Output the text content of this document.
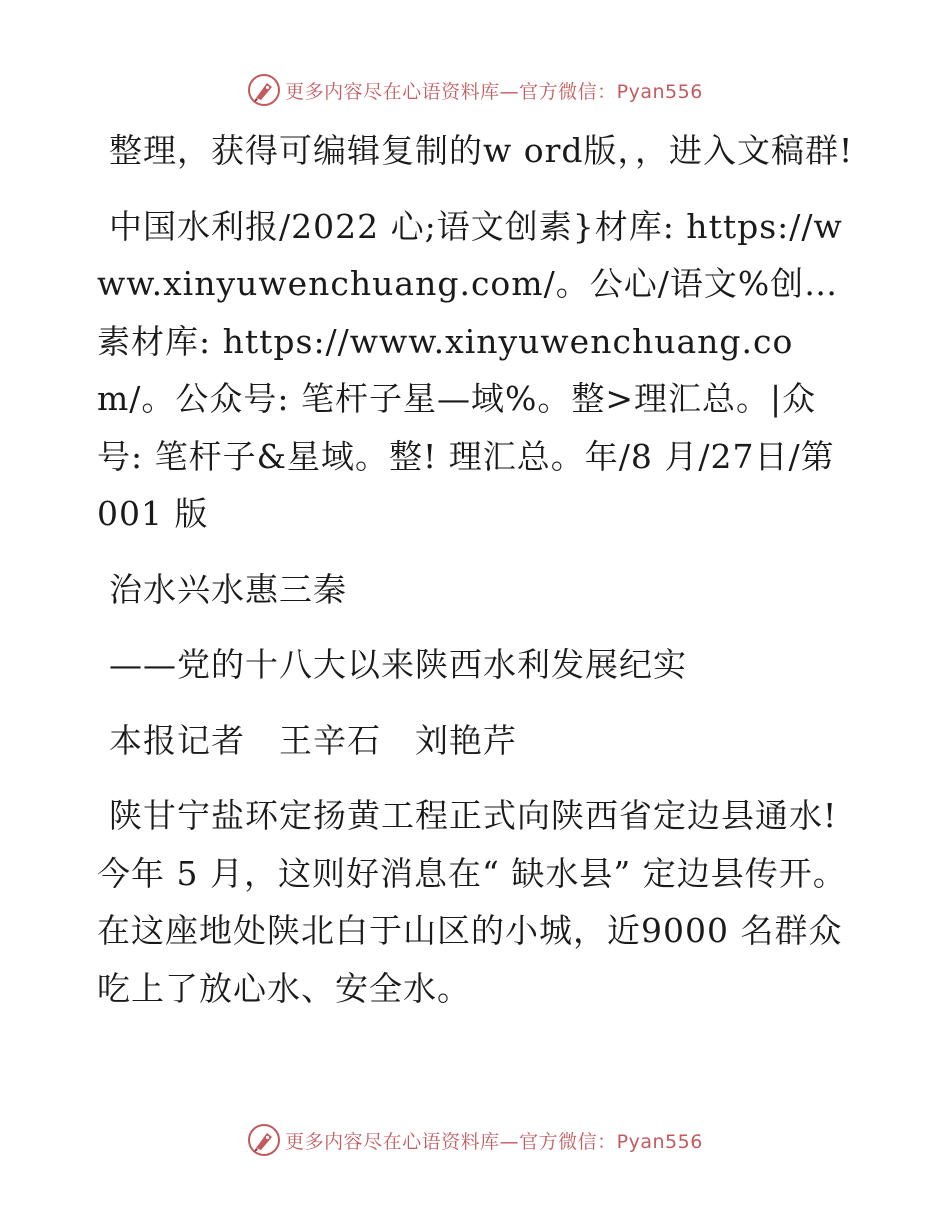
更多内容尽在心语资料库—官方微信：Pyan556

整理，获得可编辑复制的w ord版，，进入文稿群!

中国水利报/2022 心;语文创素}材库: https://www.xinyuwenchuang.com/。公心/语文%创…素材库: https://www.xinyuwenchuang.com/。公众号: 笔杆子星—域%。整>理汇总。|众号: 笔杆子&星域。整! 理汇总。年/8 月/27日/第 001 版

治水兴水惠三秦

——党的十八大以来陕西水利发展纪实

本报记者　王辛石　刘艳芹

陕甘宁盐环定扬黄工程正式向陕西省定边县通水! 今年 5 月，这则好消息在“ 缺水县” 定边县传开。在这座地处陕北白于山区的小城，近9000 名群众吃上了放心水、安全水。

更多内容尽在心语资料库—官方微信：Pyan556
